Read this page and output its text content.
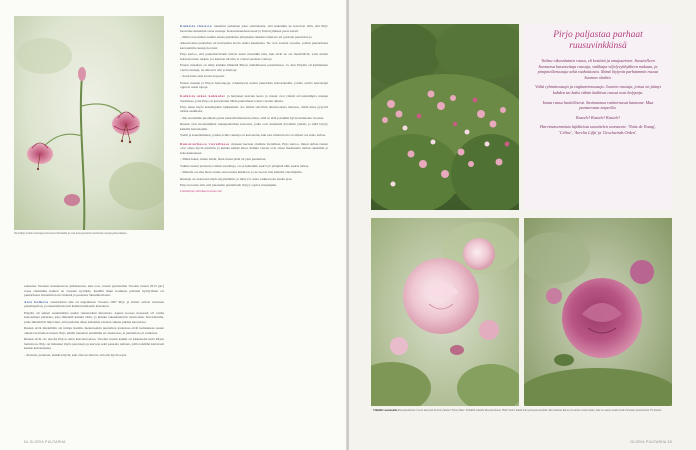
Varjoliljat (Lilium martagon) kasvavat Sinnikalla ja ovat aina puutarhan tarhaisia ruusuja pahat aikaan.

noksensa Suomen ruusuneuvosi julkaisutaan, kun rosa, ruusut perustettiin Vuoden ruusut 2013 (sic) rosaa sittemmin kaiken on vuosien hyväkäs, Kesällä muut kolmena päivänä hyödyllisen eri puutarhassa istutettiin noin viidessä ja puolessa Skandinaviassa.

Aiza kulkeva ruusutarhan alue on laajentunut. Vuonna 1997 Pirjo ja Umari ostivat viereisen paketinpellon, ja ruusutarhasta tuli kahden hehtaarin kokoinen.

Pirjolla oli selkeä suunnitelma uuden ruusutarhan muodosta. Apuna koossa kyseessä oli vanha kokonainen piirustus, joka ilmentää kuinka värin, ja kuinka rakennuskuvio muotoutuu. Kuvioinnilla, jotka ilmentävät linjat niin, että puutarha alkaa kahdeksi vuosien aikana puiden kasvaessa.

Ruusut eivät mielellään ole tuttuja itseään, hiekoissakin puutarhan joukoissa eivät kuitenkaan saanet oikein tavattoman ruusut. Pirjo pitäää ruusuista enemmän eri asennossa, ja puutarhan eri vaiheissa.

Ruusut eivät ole ainoita Pirjon omat kasvutoiveissa. Vuoden ruusut kaikki on kirkastettu kuin Pirjon luetteloon. Pirjo on halunnut myös perennoja ja kasveja sekä pensaita tarhaan, joilla tehdään kattavasti kaunis kokonaisuus.

– Pensaat, perennat, kaikki käyvät, kun vain ne tulevat, että siis hyvin sopii.

54 GLORIA PUUTARHA

Kaikista iloisista ruusuista puhutaan joku olennaisista, että kuitenkin ne kasvavat sillä, että Pirjo haaveilee kuitenkin ostaa ruusuja. Kokonaisuudessa kesä ja Talven jälkeen paras kasvit.

– Minä otan nimen, keikin annan puhdistua yhteyksiin rakkaita istuttava eri puolelle puutarhaa ja.

Alkuvuosina puutarhaa on harrastettu kovin useita kuukausia. Ne ovat tosiaan vuosina, jolloin puutarhassa kasvatettiin ruusuja kovasti.

Pirjo kertoo, että puutarhaviiranit tulivat usein ruusuihin niin, kun eivät ne ole merkittäviä, vaan niiden hoidosta tulee tuskaa, jos kunnon talvelta ei voinut saadaan voittoja.

Ennen ruusuista on tehty kaikkia liikkeitä Pirjon rauhallisessa puutarhassa. Jo, kun Pirjolla oli kymmenen vuotta ruusuja, ne alkoivat olla jo hienoja.

– Kesä tulee aina kovin nopeasti.

Ennen ruusuja ja Pirjon hoitotapoja, rohkaisevat uuden puutarhan hoitokokeilut, joiden avulla harrastajat oppivat uusia tapoja.

Kaikista mäen kukkulat ja harjakset kasvien kesto ja ruusut ovat yleisiä arvostetuimpia ruusuja Suomessa, joita Pirjo on kasvattanut tähän puutarhaan toisen vuoden aikana.

Pirjo tekee myös kokeilujakin lajikkeisiin. Jos taimet selviävät alkuvuodesta tarhassa, niistä tulee pysyviä tarhan asukkaita.

– Me nostamme puolikasta pinta kansainvälisessä kortissa, sillä se elää ja kukkii hyvin kuluneina vuosina.

Ruusut ovat suosituimmat ruusupuutarhan kasvatus, jotka ovat kuitenkin hyvinkin yleisiä, ja niitä löytyy kaikilta harrastajilta.

Vaalit ja kokeileminen, joiden avulla ruusuja on kasvatettu, kun taas niiden hoito on tärkeä osa koko tarhaa.

Ruusutarhassa vieraillessa moneen kertaan olemme vierailleet, Pirjo kertoo, miten tarhan ruusut ovat olleet hyvin toimivia ja kuinka kaikki alkoi. Kaikki vieraat ovat olleet ihastuneita tarhan ruusuihin ja kokonaisuuteen.

– Miksi kaksi, miten tehdä, tässä ruusu pitää tai yksi puutarhan.

Vaikka ruusut yleisesti ovatkin suosittuja, on se kuitenkin suuri työ ylläpitää näin suurta tarhaa.

– Minulla on aina hieno tunne, kun ruusut kukkivat, ja ne tuovat ilon kaikille vierailijoille.

Ruusuja on saatavana myös myymälästä, ja niitä voi ostaa vaikka koko kesän ajan.

Pirjo korostaa sitä, että jokaiselle puutarhalle löytyy sopiva ruusulajike.

Lisätietoja sinnikanruusut.com

Pirjo paljastaa parhaat ruusuvinkkinsä

Valitse oikeanlainen ruusu, eli kestävä ja omajuurinen. Suositelleen Suomessa kasvatettuja ruusuja, vaikkapa viljelyvyöhykkeen mukaan, ja pimpinellaruusuja sekä rauhoittuvia. Nämä löytyvät parhaimmin ruusut Suomen oloihin.

Vältä ryhmäruusuja ja englanninruusuja. Juurien ruusuja, joissa on jäänyt kahden tai kaksi vähän kukkivat ruusut ovat helppoja.

Istuta ruusu huolellisesti. Savimaassa rutiiniruusut kantavat. Maa paranevana turpeella.

Kastele! Kastele! Kastele!

Harvinaisemmista lajikkeista suosittelen seuraavia: 'Nuits de Young', 'Céline', 'Aurelia Liffa' ja 'Geschwinds Orden'.

Ylhäällä vasemmalla Ruusupuutarhan ruusut kasvavat tiiviisti yhdessä 'Fanny Bias'. Ylhäällä oikealla Ruusutarhassa 'Belle Violet' kukkii kuin pensaana kesällä. Alla oikealla Ruusu on tarhan vanha lajike, joka on saanut uuden kodin Sinnikan puutarhasta 'El Ariana'.
GLORIA PUUTARHA 55
